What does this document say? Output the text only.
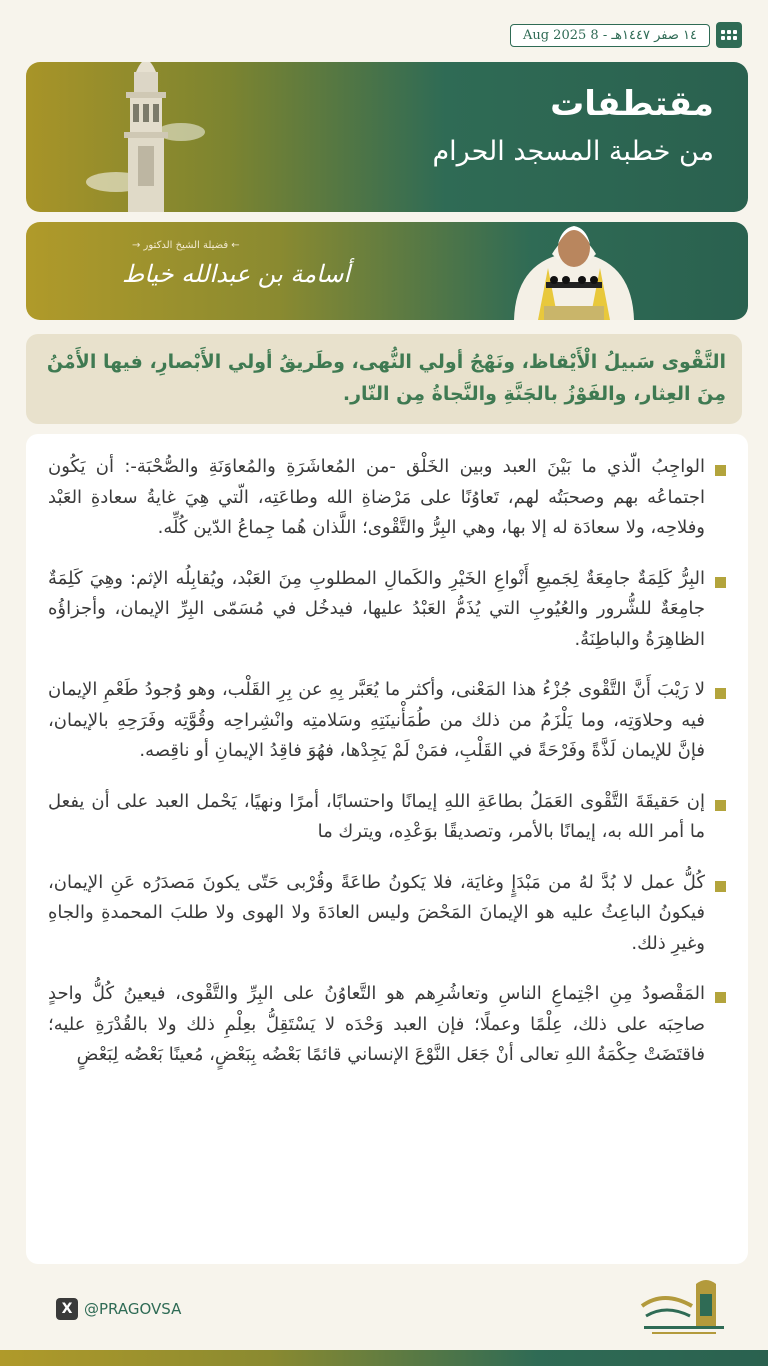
١٤ صفر ١٤٤٧هـ - 8 Aug 2025
مقتطفات
من خطبة المسجد الحرام
← فضيلة الشيخ الدكتور →
أسامة بن عبدالله خياط
التَّقْوى سَبيلُ الْأَيْقاظ، ونَهْجُ أولي النُّهى، وطَريقُ أولي الأَبْصارِ، فيها الأَمْنُ مِنَ العِثار، والفَوْزُ بالجَنَّةِ والنَّجاةُ مِن النّار.
الواجِبُ الّذي ما بَيْنَ العبد وبين الخَلْق -من المُعاشَرَةِ والمُعاوَنَةِ والصُّحْبَة-: أن يَكُون اجتماعُه بهم وصحبَتُه لهم، تَعاوُنًا على مَرْضاةِ الله وطاعَتِه، الّتي هِيَ غايةُ سعادةِ العَبْد وفلاحِه، ولا سعادَة له إلا بها، وهي البِرُّ والتَّقْوى؛ اللَّذان هُما جِماعُ الدّين كُلِّه.
البِرُّ كَلِمَةٌ جامِعَةٌ لِجَميعِ أَنْواعِ الخَيْرِ والكَمالِ المطلوبِ مِنَ العَبْد، ويُقابِلُه الإثم: وهِيَ كَلِمَةٌ جامِعَةٌ للشُّرور والعُيُوبِ التي يُذَمُّ العَبْدُ عليها، فيدخُل في مُسَمّى البِرِّ الإيمان، وأجزاؤُه الظاهِرَةُ والباطِنَةُ.
لا رَيْبَ أَنَّ التَّقْوى جُزْءُ هذا المَعْنى، وأكثر ما يُعَبَّر بِهِ عن بِرِ القَلْب، وهو وُجودُ طَعْمِ الإيمان فيه وحلاوَتِه، وما يَلْزَمُ من ذلك من طُمَأْنينَتِهِ وسَلامتِه وانْشِراحِه وقُوَّتِه وفَرَحِهِ بالإيمان، فإنَّ للإيمان لَذَّةً وفَرْحَةً في القَلْبِ، فمَنْ لَمْ يَجِدْها، فهُوَ فاقِدُ الإيمانِ أو ناقِصه.
إن حَقيقَةَ التَّقْوى العَمَلُ بطاعَةِ اللهِ إيمانًا واحتسابًا، أمرًا ونهيًا، يَحْمل العبد على أن يفعل ما أمر الله به، إيمانًا بالأمر، وتصديقًا بوَعْدِه، ويترك ما
كُلُّ عمل لا بُدَّ لهُ من مَبْدَإٍ وغايَة، فلا يَكونُ طاعَةً وقُرْبى حَتّى يكونَ مَصدَرُه عَنِ الإيمان، فيكونُ الباعِثُ عليه هو الإيمانَ المَحْضَ وليس العادَةَ ولا الهوى ولا طلبَ المحمدةِ والجاهِ وغيرِ ذلك.
المَقْصودُ مِنِ اجْتِماعِ الناسِ وتعاشُرِهم هو التَّعاوُنُ على البِرِّ والتَّقْوى، فيعينُ كُلُّ واحدٍ صاحِبَه على ذلك، عِلْمًا وعملًا؛ فإن العبد وَحْدَه لا يَسْتَقِلُّ بعِلْمِ ذلك ولا بالقُدْرَةِ عليه؛ فاقتَضَتْ حِكْمَةُ اللهِ تعالى أنْ جَعَل النَّوْعَ الإنساني قائمًا بَعْضُه بِبَعْضٍ، مُعينًا بَعْضُه لِبَعْضٍ
X @PRAGOVSA
